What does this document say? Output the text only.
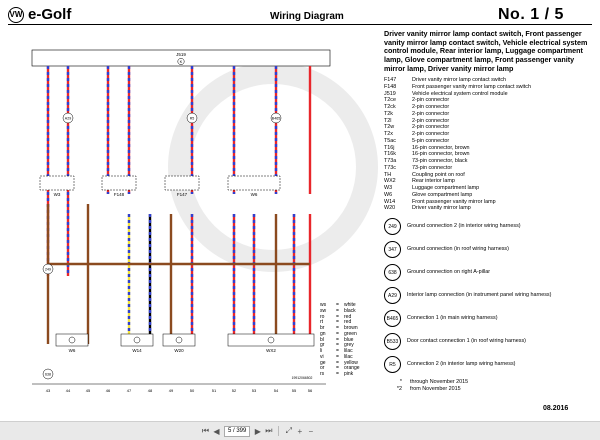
VW e-Golf	Wiring Diagram	No. 1 / 5
J519
K
W3	F148	F147	W6
W6	W14	W20	WX2
249
638
A29	R5	B465
43	44	45	46	47	48	49	50	51	52	53	54	55	56
19912066502
ws	=	white
sw	=	black
ro	=	red
rt	=	red
br	=	brown
gn	=	green
bl	=	blue
gr	=	grey
li	=	lilac
vi	=	lilac
ge	=	yellow
or	=	orange
rs	=	pink
Driver vanity mirror lamp contact switch, Front passenger vanity mirror lamp contact switch, Vehicle electrical system control module, Rear interior lamp, Luggage compartment lamp, Glove compartment lamp, Front passenger vanity mirror lamp, Driver vanity mirror lamp
F147	Driver vanity mirror lamp contact switch
F148	Front passenger vanity mirror lamp contact switch
J519	Vehicle electrical system control module
T2ce	2-pin connector
T2ck	2-pin connector
T2k	2-pin connector
T2l	2-pin connector
T2w	2-pin connector
T2x	2-pin connector
T5ac	5-pin connector
T16j	16-pin connector, brown
T16k	16-pin connector, brown
T73a	73-pin connector, black
T73c	73-pin connector
TH	Coupling point on roof
WX2	Rear interior lamp
W3	Luggage compartment lamp
W6	Glove compartment lamp
W14	Front passenger vanity mirror lamp
W20	Driver vanity mirror lamp
249	Ground connection 2 (in interior wiring harness)
347	Ground connection (in roof wiring harness)
638	Ground connection on right A-pillar
A29	Interior lamp connection (in instrument panel wiring harness)
B465	Connection 1 (in main wiring harness)
B533	Door contact connection 1 (in roof wiring harness)
R5	Connection 2 (in interior lamp wiring harness)
*	through November 2015
*2	from November 2015
08.2016
⏮ ◀	5 / 399	▶ ⏭ ⤢ + −
